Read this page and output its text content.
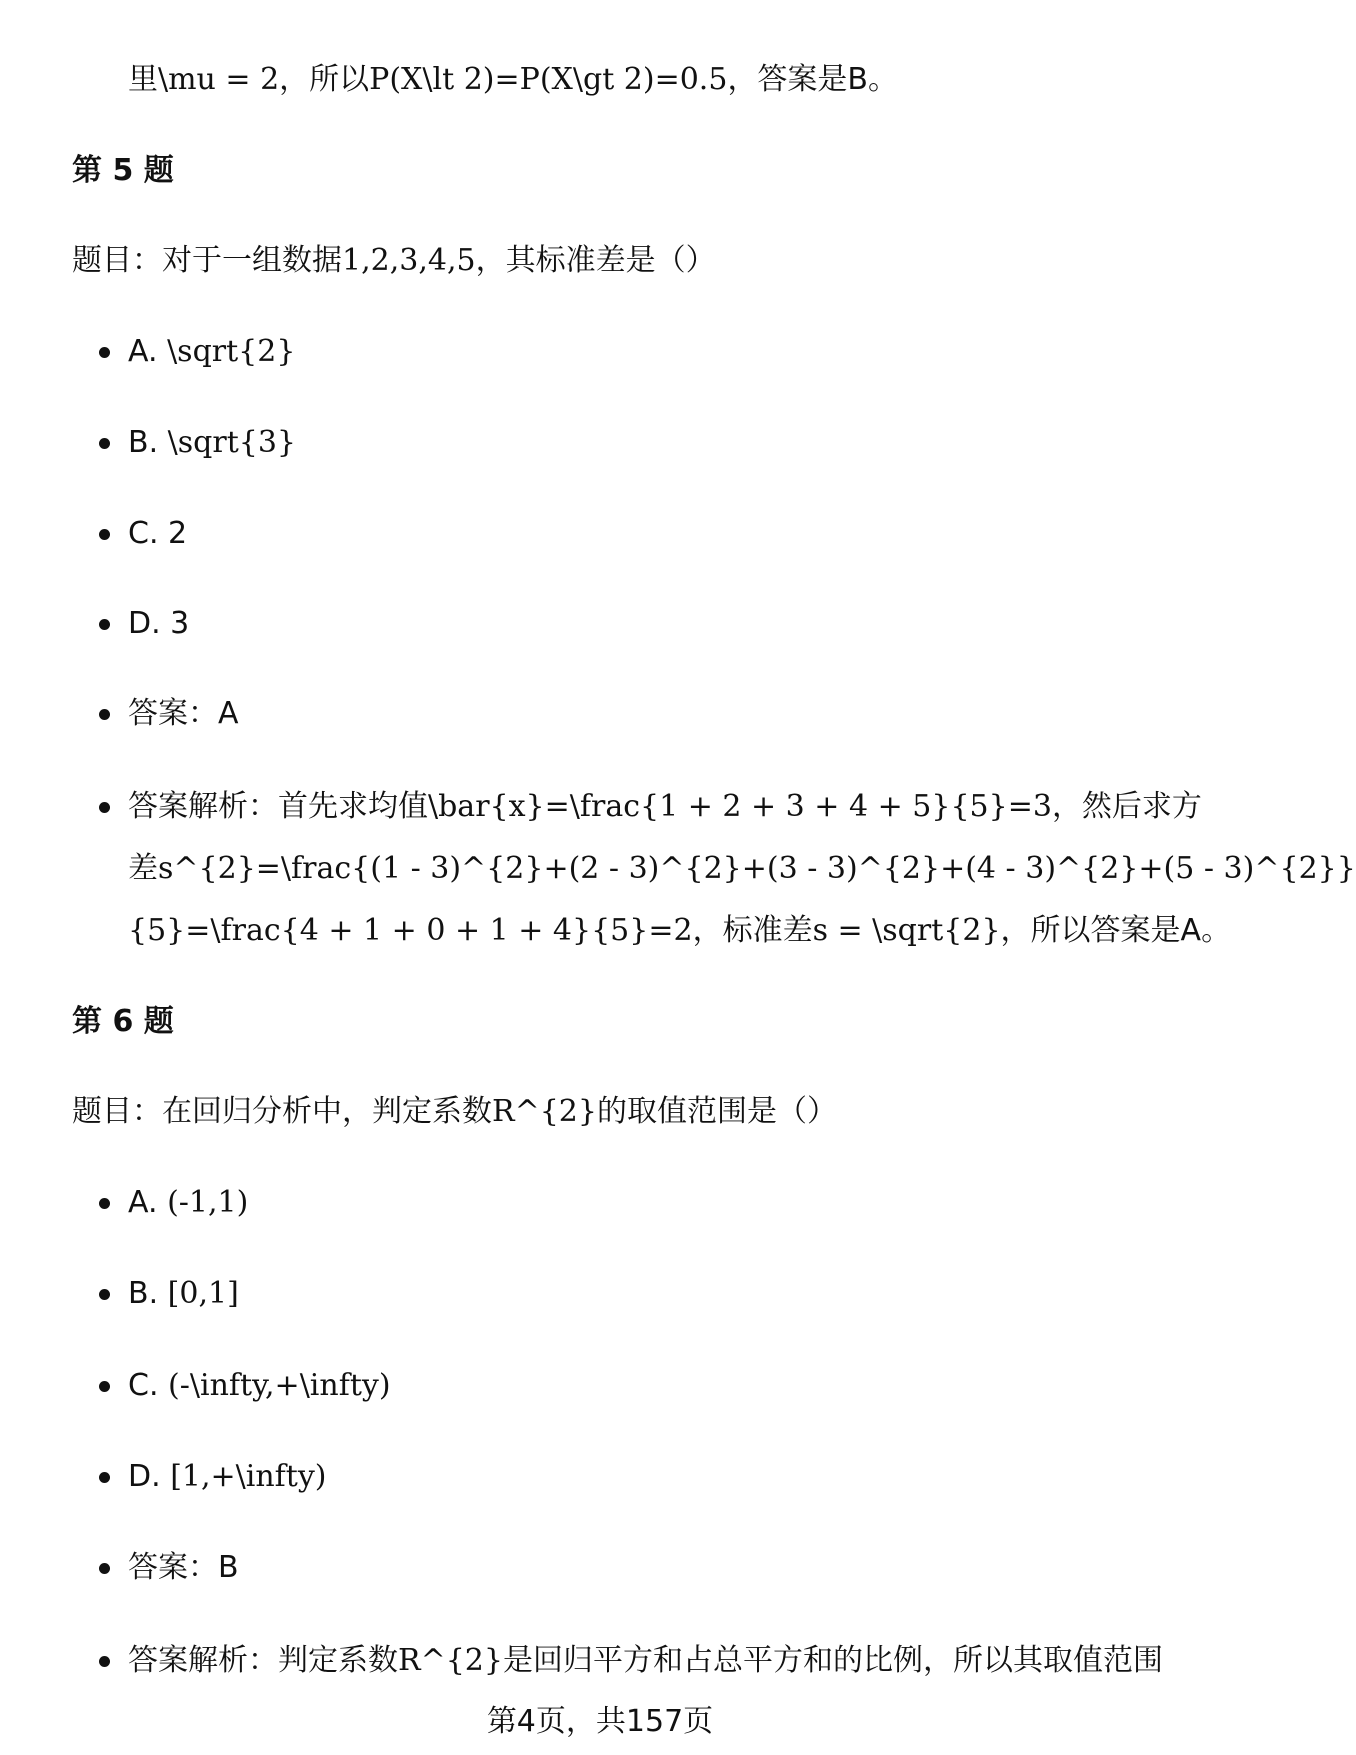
里\mu = 2，所以P(X\lt 2)=P(X\gt 2)=0.5，答案是B。
第 5 题
题目：对于一组数据1,2,3,4,5，其标准差是（）
A. \sqrt{2}
B. \sqrt{3}
C. 2
D. 3
答案：A
答案解析：首先求均值\bar{x}=\frac{1 + 2 + 3 + 4 + 5}{5}=3，然后求方
差s^{2}=\frac{(1 - 3)^{2}+(2 - 3)^{2}+(3 - 3)^{2}+(4 - 3)^{2}+(5 - 3)^{2}}
{5}=\frac{4 + 1 + 0 + 1 + 4}{5}=2，标准差s = \sqrt{2}，所以答案是A。
第 6 题
题目：在回归分析中，判定系数R^{2}的取值范围是（）
A. (-1,1)
B. [0,1]
C. (-\infty,+\infty)
D. [1,+\infty)
答案：B
答案解析：判定系数R^{2}是回归平方和占总平方和的比例，所以其取值范围
第4页，共157页
